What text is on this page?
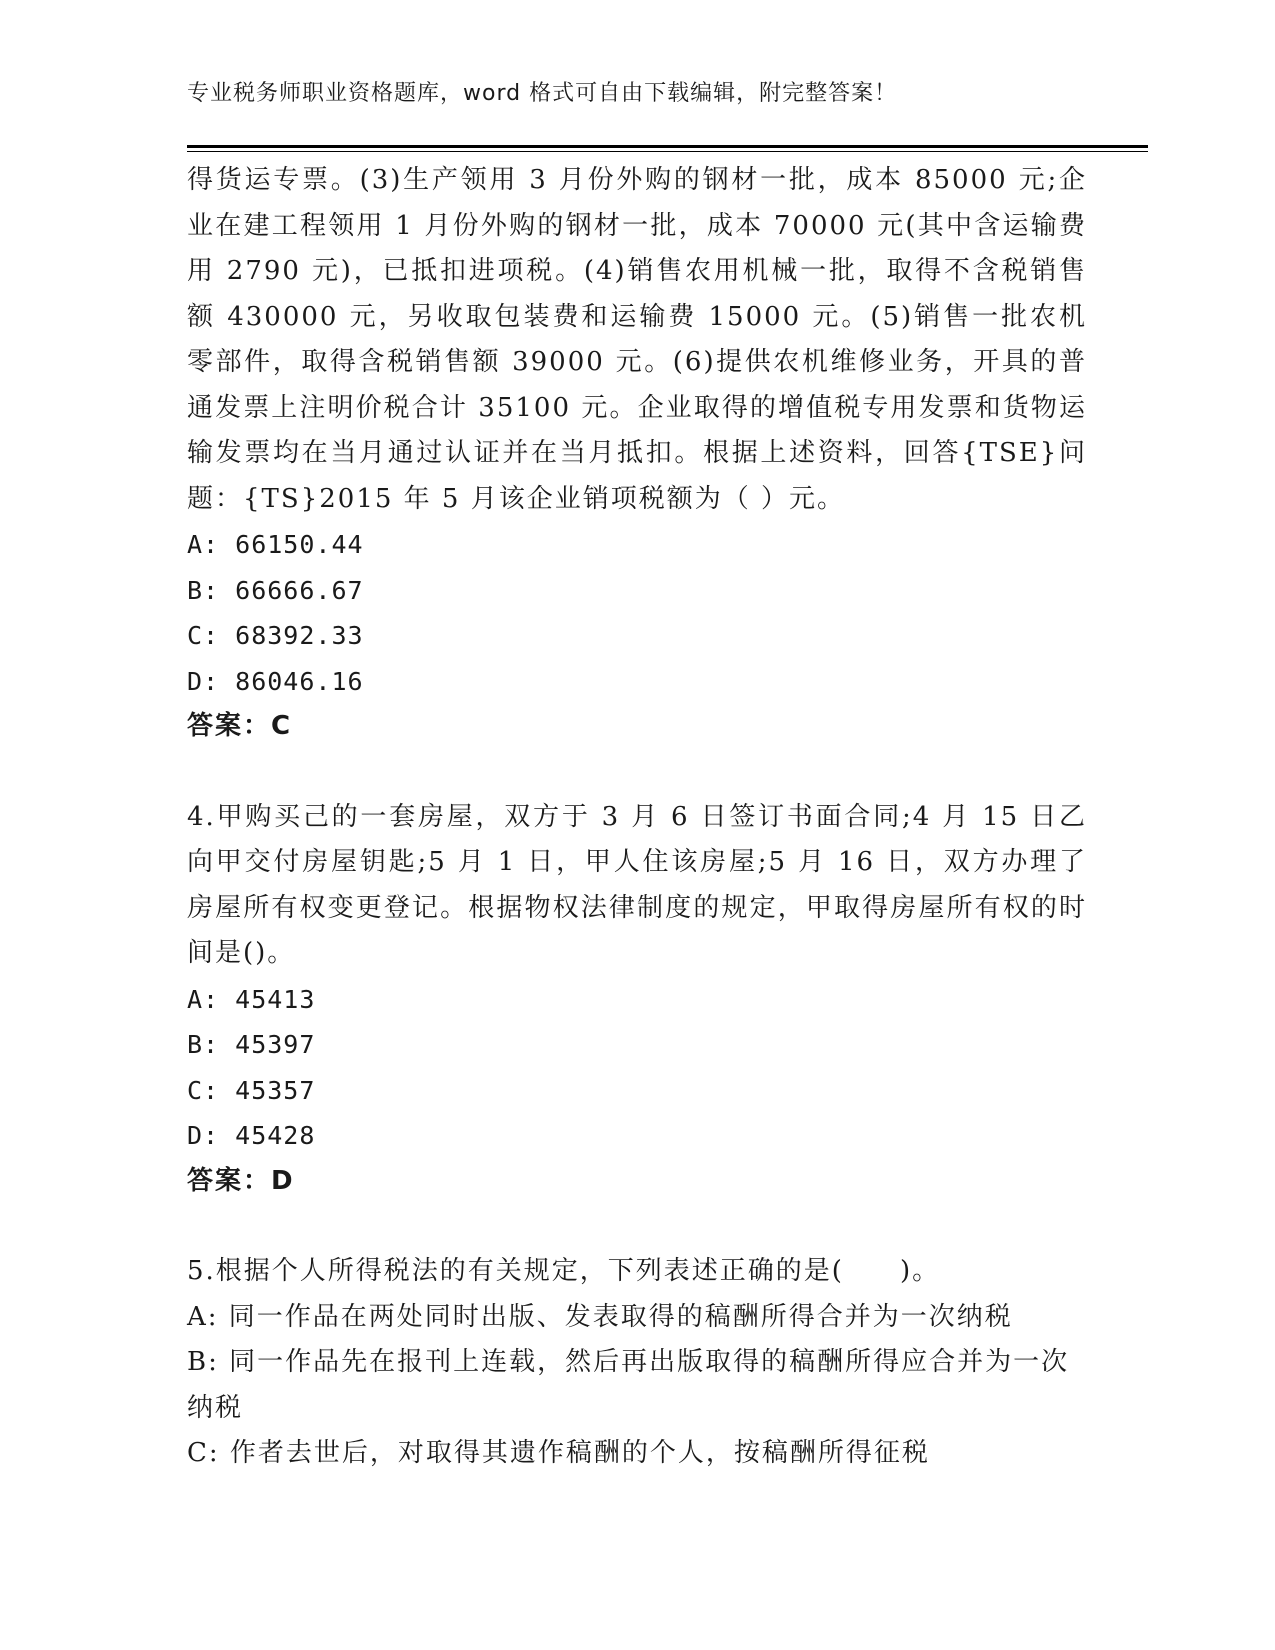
专业税务师职业资格题库，word 格式可自由下载编辑，附完整答案！

得货运专票。(3)生产领用 3 月份外购的钢材一批，成本 85000 元;企业在建工程领用 1 月份外购的钢材一批，成本 70000 元(其中含运输费用 2790 元)，已抵扣进项税。(4)销售农用机械一批，取得不含税销售额 430000 元，另收取包装费和运输费 15000 元。(5)销售一批农机零部件，取得含税销售额 39000 元。(6)提供农机维修业务，开具的普通发票上注明价税合计 35100 元。企业取得的增值税专用发票和货物运输发票均在当月通过认证并在当月抵扣。根据上述资料，回答{TSE}问题：{TS}2015 年 5 月该企业销项税额为（ ）元。

A: 66150.44

B: 66666.67

C: 68392.33

D: 86046.16

答案：C

4.甲购买己的一套房屋，双方于 3 月 6 日签订书面合同;4 月 15 日乙向甲交付房屋钥匙;5 月 1 日，甲人住该房屋;5 月 16 日，双方办理了房屋所有权变更登记。根据物权法律制度的规定，甲取得房屋所有权的时间是()。

A: 45413

B: 45397

C: 45357

D: 45428

答案：D

5.根据个人所得税法的有关规定，下列表述正确的是(　　)。

A: 同一作品在两处同时出版、发表取得的稿酬所得合并为一次纳税

B: 同一作品先在报刊上连载，然后再出版取得的稿酬所得应合并为一次纳税

C: 作者去世后，对取得其遗作稿酬的个人，按稿酬所得征税
